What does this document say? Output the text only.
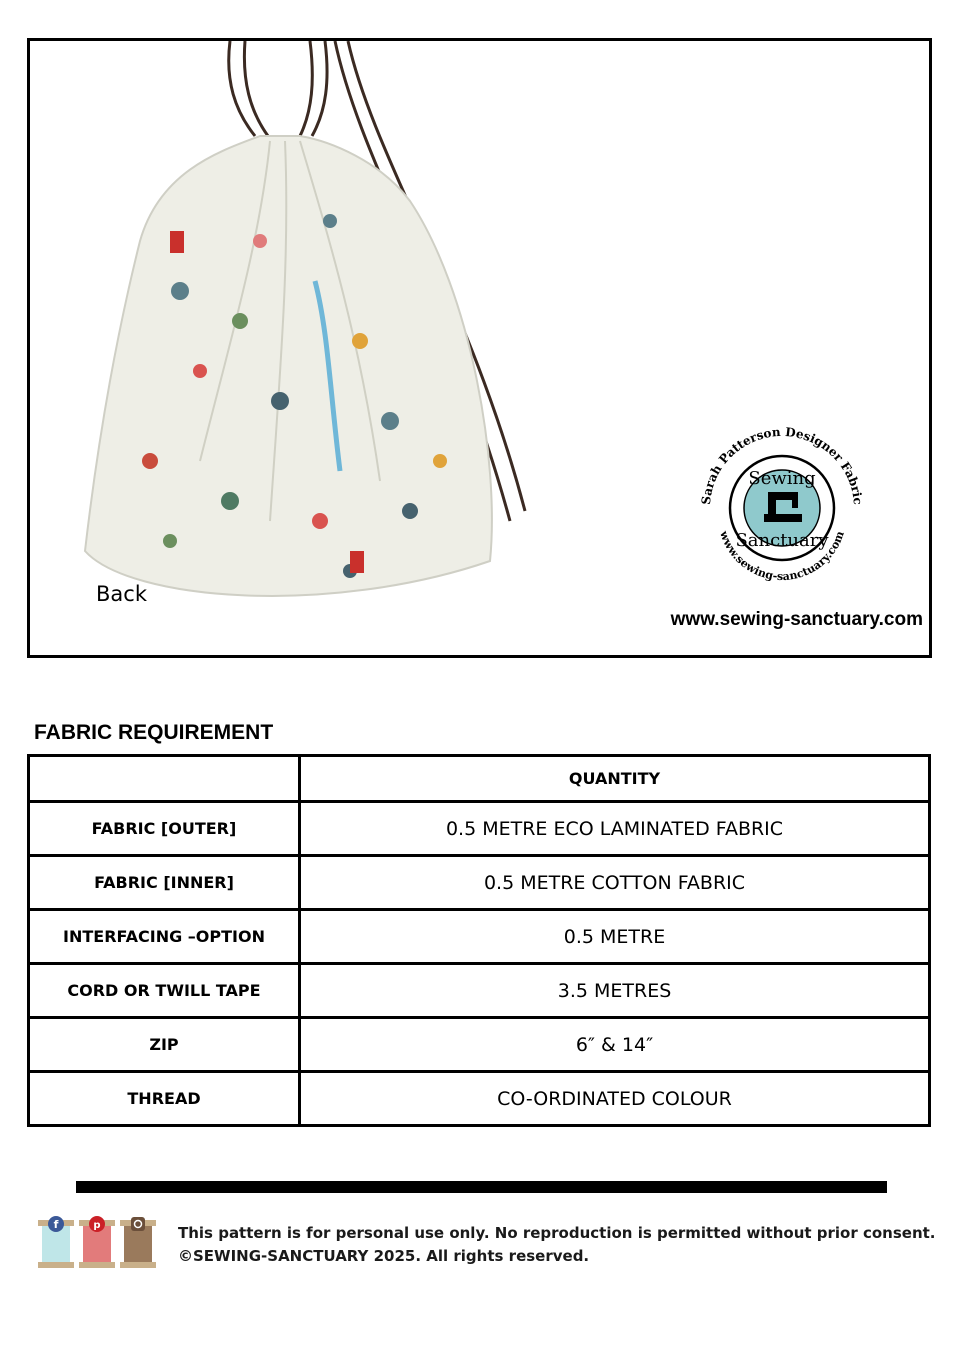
Back
Sarah Patterson Designer Fabric
www.sewing-sanctuary.com
Sewing
Sanctuary
www.sewing-sanctuary.com
FABRIC REQUIREMENT
	QUANTITY
FABRIC [OUTER]	0.5 METRE ECO LAMINATED FABRIC
FABRIC [INNER]	0.5 METRE COTTON FABRIC
INTERFACING –OPTION	0.5 METRE
CORD OR TWILL TAPE	3.5 METRES
ZIP	6″ & 14″
THREAD	CO-ORDINATED COLOUR
f	p	This pattern is for personal use only. No reproduction is permitted without prior consent.
©SEWING-SANCTUARY 2025. All rights reserved.
